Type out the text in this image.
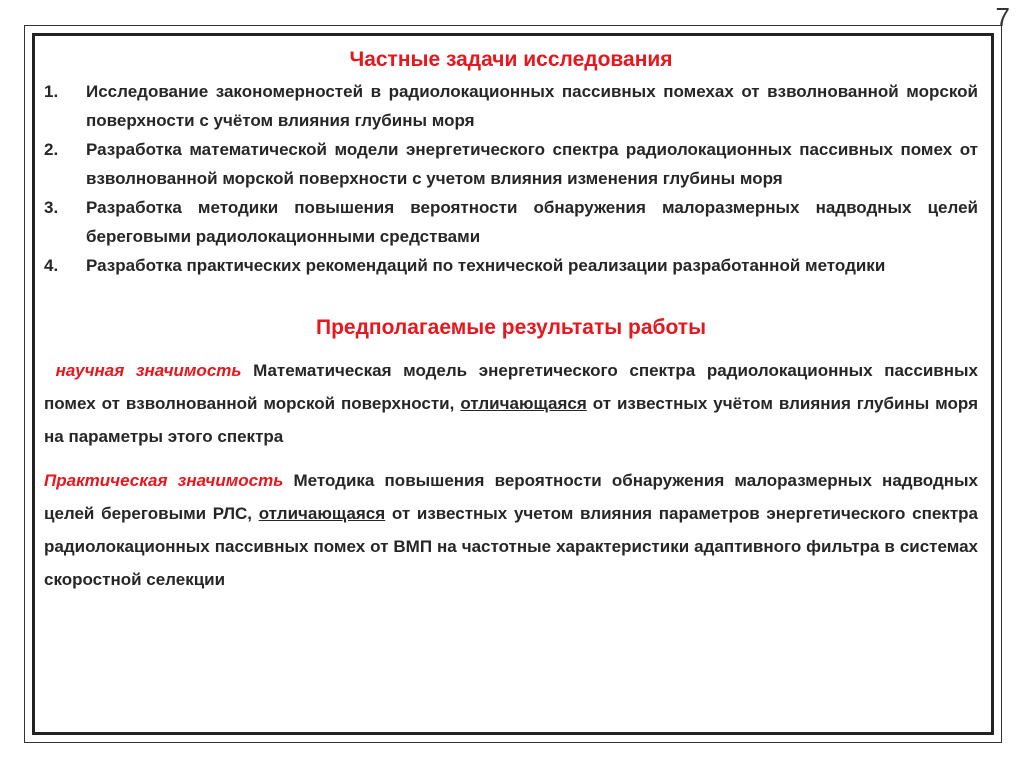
7
Частные задачи исследования
1. Исследование закономерностей в радиолокационных пассивных помехах от взволнованной морской поверхности с учётом влияния глубины моря
2. Разработка математической модели энергетического спектра радиолокационных пассивных помех от взволнованной морской поверхности с учетом влияния изменения глубины моря
3. Разработка методики повышения вероятности обнаружения малоразмерных надводных целей береговыми радиолокационными средствами
4. Разработка практических рекомендаций по технической реализации разработанной методики
Предполагаемые результаты работы

научная значимость Математическая модель энергетического спектра радиолокационных пассивных помех от взволнованной морской поверхности, отличающаяся от известных учётом влияния глубины моря на параметры этого спектра

Практическая значимость Методика повышения вероятности обнаружения малоразмерных надводных целей береговыми РЛС, отличающаяся от известных учетом влияния параметров энергетического спектра радиолокационных пассивных помех от ВМП на частотные характеристики адаптивного фильтра в системах скоростной селекции
